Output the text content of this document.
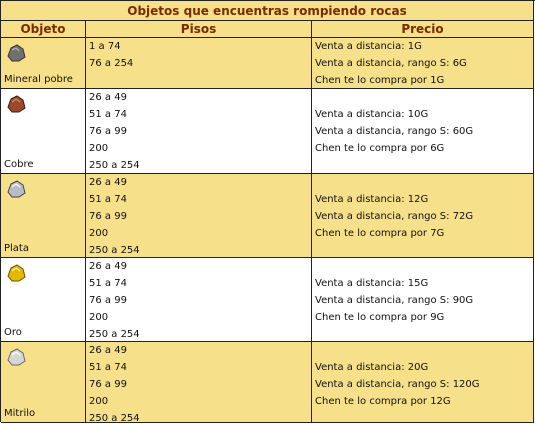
Objetos que encuentras rompiendo rocas
Objeto	Pisos	Precio
Mineral pobre
1 a 74
76 a 254
Venta a distancia: 1G
Venta a distancia, rango S: 6G
Chen te lo compra por 1G
Cobre
26 a 49
51 a 74
76 a 99
200
250 a 254
Venta a distancia: 10G
Venta a distancia, rango S: 60G
Chen te lo compra por 6G
Plata
26 a 49
51 a 74
76 a 99
200
250 a 254
Venta a distancia: 12G
Venta a distancia, rango S: 72G
Chen te lo compra por 7G
Oro
26 a 49
51 a 74
76 a 99
200
250 a 254
Venta a distancia: 15G
Venta a distancia, rango S: 90G
Chen te lo compra por 9G
Mitrilo
26 a 49
51 a 74
76 a 99
200
250 a 254
Venta a distancia: 20G
Venta a distancia, rango S: 120G
Chen te lo compra por 12G
